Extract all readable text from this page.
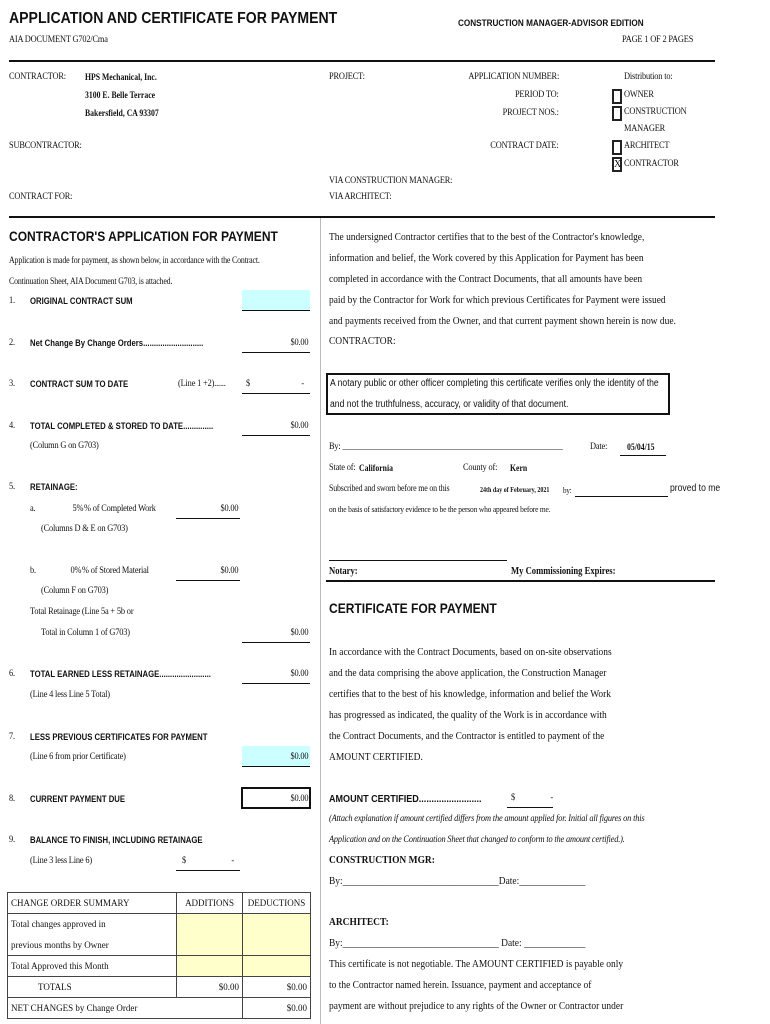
APPLICATION AND CERTIFICATE FOR PAYMENT
AIA DOCUMENT G702/Cma
CONSTRUCTION MANAGER-ADVISOR EDITION
PAGE 1 OF 2 PAGES
CONTRACTOR: HPS Mechanical, Inc.
3100 E. Belle Terrace
Bakersfield, CA 93307
PROJECT:
SUBCONTRACTOR:
CONTRACT FOR:
APPLICATION NUMBER:
PERIOD TO:
PROJECT NOS.:
CONTRACT DATE:
VIA CONSTRUCTION MANAGER:
VIA ARCHITECT:
Distribution to:
OWNER
CONSTRUCTION
MANAGER
ARCHITECT
X CONTRACTOR
CONTRACTOR'S APPLICATION FOR PAYMENT
Application is made for payment, as shown below, in accordance with the Contract.
Continuation Sheet, AIA Document G703, is attached.
1. ORIGINAL CONTRACT SUM
2. Net Change By Change Orders............................	$0.00
3. CONTRACT SUM TO DATE	(Line 1 +2)...... $	-
4. TOTAL COMPLETED & STORED TO DATE..............	$0.00
(Column G on G703)
5. RETAINAGE:
a.	5% % of Completed Work	$0.00
(Columns D & E on G703)
b.	0% % of Stored Material	$0.00
(Column F on G703)
Total Retainage (Line 5a + 5b or
Total in Column 1 of G703)	$0.00
6. TOTAL EARNED LESS RETAINAGE........................	$0.00
(Line 4 less Line 5 Total)
7. LESS PREVIOUS CERTIFICATES FOR PAYMENT
(Line 6 from prior Certificate)	$0.00
8. CURRENT PAYMENT DUE	$0.00
9. BALANCE TO FINISH, INCLUDING RETAINAGE
(Line 3 less Line 6)	$	-
CHANGE ORDER SUMMARY	ADDITIONS	DEDUCTIONS
Total changes approved in		
previous months by Owner		
Total Approved this Month		
TOTALS	$0.00	$0.00
NET CHANGES by Change Order		$0.00
The undersigned Contractor certifies that to the best of the Contractor's knowledge,
information and belief, the Work covered by this Application for Payment has been
completed in accordance with the Contract Documents, that all amounts have been
paid by the Contractor for Work for which previous Certificates for Payment were issued
and payments received from the Owner, and that current payment shown herein is now due.
CONTRACTOR:
A notary public or other officer completing this certificate verifies only the identity of the
and not the truthfulness, accuracy, or validity of that document.
By: _______________________________________________________	Date: 05/04/15
State of: California	County of: Kern
Subscribed and sworn before me on this	24th day of February, 2021 by:	proved to me
on the basis of satisfactory evidence to be the person who appeared before me.
Notary:	My Commissioning Expires:
CERTIFICATE FOR PAYMENT
In accordance with the Contract Documents, based on on-site observations
and the data comprising the above application, the Construction Manager
certifies that to the best of his knowledge, information and belief the Work
has progressed as indicated, the quality of the Work is in accordance with
the Contract Documents, and the Contractor is entitled to payment of the
AMOUNT CERTIFIED.
AMOUNT CERTIFIED.........................	$	-
(Attach explanation if amount certified differs from the amount applied for. Initial all figures on this
Application and on the Continuation Sheet that changed to conform to the amount certified.).
CONSTRUCTION MGR:
By:_________________________________Date:______________
ARCHITECT:
By:_________________________________ Date: _____________
This certificate is not negotiable. The AMOUNT CERTIFIED is payable only
to the Contractor named herein. Issuance, payment and acceptance of
payment are without prejudice to any rights of the Owner or Contractor under
